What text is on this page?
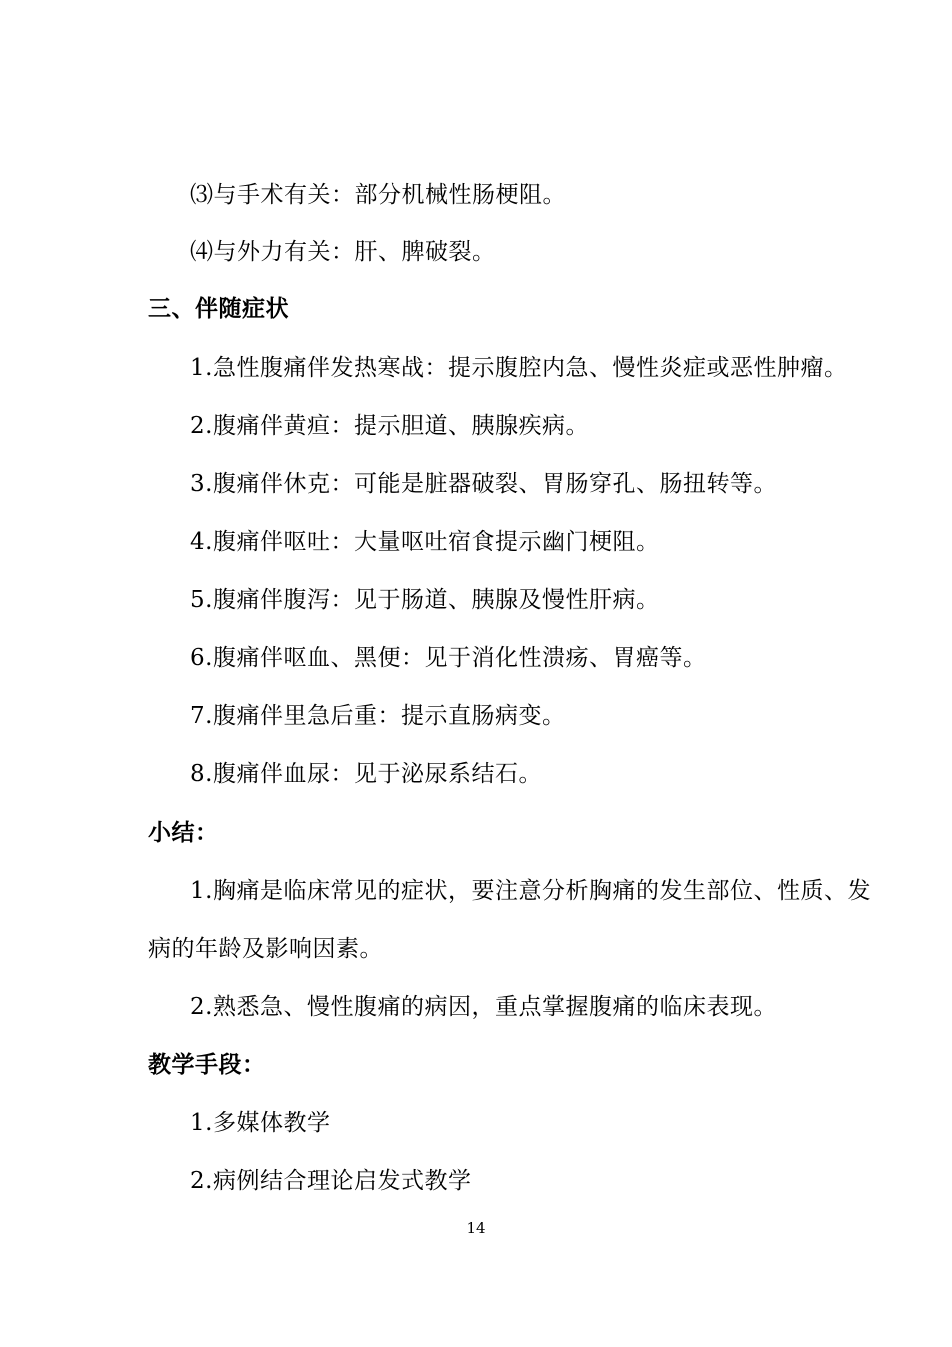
⑶与手术有关：部分机械性肠梗阻。
⑷与外力有关：肝、脾破裂。
三、伴随症状
1.急性腹痛伴发热寒战：提示腹腔内急、慢性炎症或恶性肿瘤。
2.腹痛伴黄疸：提示胆道、胰腺疾病。
3.腹痛伴休克：可能是脏器破裂、胃肠穿孔、肠扭转等。
4.腹痛伴呕吐：大量呕吐宿食提示幽门梗阻。
5.腹痛伴腹泻：见于肠道、胰腺及慢性肝病。
6.腹痛伴呕血、黑便：见于消化性溃疡、胃癌等。
7.腹痛伴里急后重：提示直肠病变。
8.腹痛伴血尿：见于泌尿系结石。
小结：
1.胸痛是临床常见的症状，要注意分析胸痛的发生部位、性质、发
病的年龄及影响因素。
2.熟悉急、慢性腹痛的病因，重点掌握腹痛的临床表现。
教学手段：
1.多媒体教学
2.病例结合理论启发式教学
14
